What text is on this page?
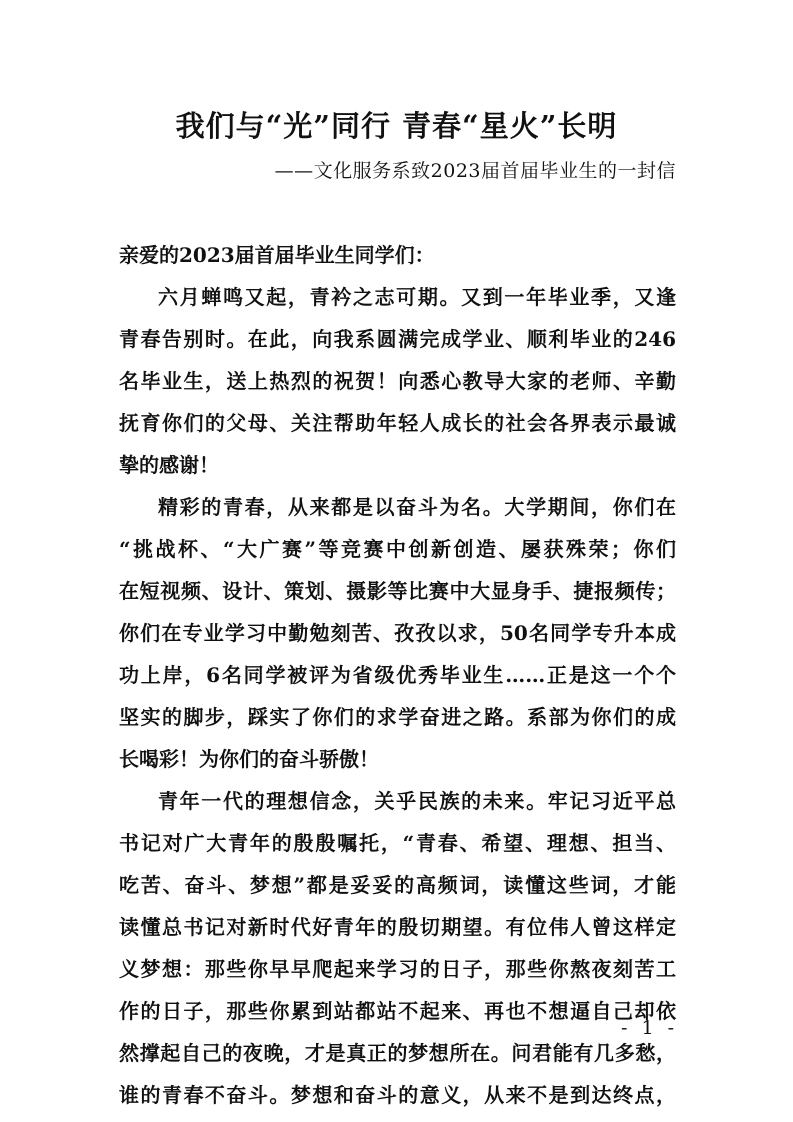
我们与“光”同行 青春“星火”长明
——文化服务系致2023届首届毕业生的一封信
亲爱的2023届首届毕业生同学们：
六月蝉鸣又起，青衿之志可期。又到一年毕业季，又逢
青春告别时。在此，向我系圆满完成学业、顺利毕业的246
名毕业生，送上热烈的祝贺！向悉心教导大家的老师、辛勤
抚育你们的父母、关注帮助年轻人成长的社会各界表示最诚
挚的感谢！
精彩的青春，从来都是以奋斗为名。大学期间，你们在
“挑战杯、“大广赛”等竞赛中创新创造、屡获殊荣；你们
在短视频、设计、策划、摄影等比赛中大显身手、捷报频传；
你们在专业学习中勤勉刻苦、孜孜以求，50名同学专升本成
功上岸，6名同学被评为省级优秀毕业生……正是这一个个
坚实的脚步，踩实了你们的求学奋进之路。系部为你们的成
长喝彩！为你们的奋斗骄傲！
青年一代的理想信念，关乎民族的未来。牢记习近平总
书记对广大青年的殷殷嘱托，“青春、希望、理想、担当、
吃苦、奋斗、梦想”都是妥妥的高频词，读懂这些词，才能
读懂总书记对新时代好青年的殷切期望。有位伟人曾这样定
义梦想：那些你早早爬起来学习的日子，那些你熬夜刻苦工
作的日子，那些你累到站都站不起来、再也不想逼自己却依
然撑起自己的夜晚，才是真正的梦想所在。问君能有几多愁，
谁的青春不奋斗。梦想和奋斗的意义，从来不是到达终点，
- 1 -
